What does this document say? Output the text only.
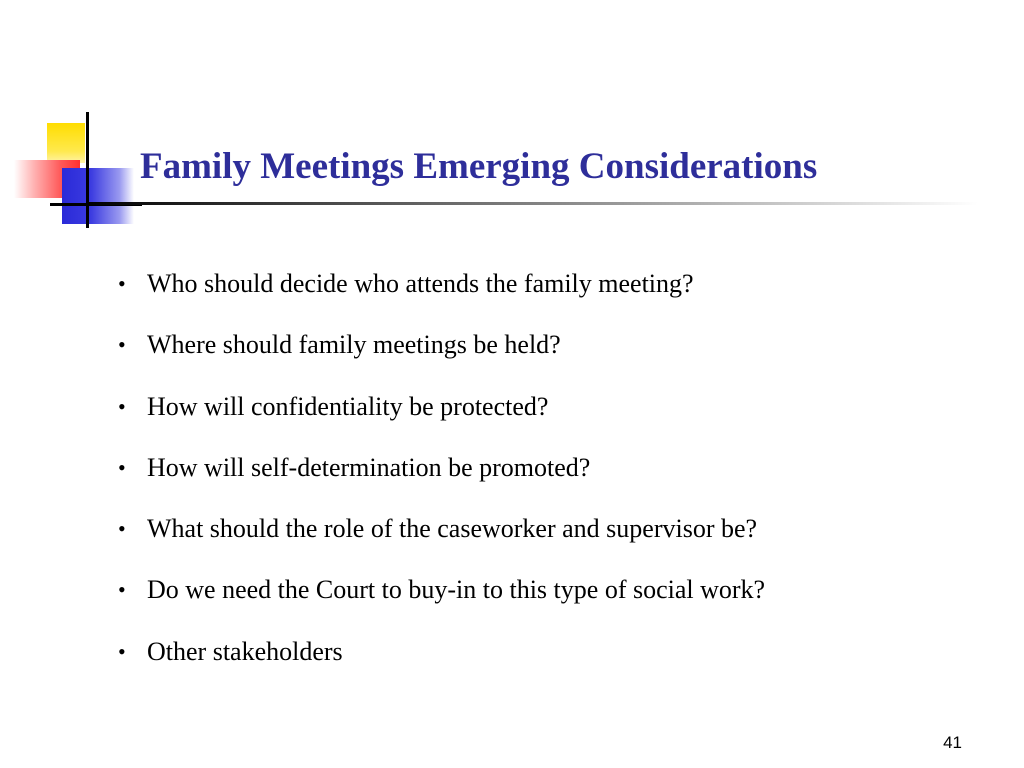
Family Meetings Emerging Considerations
• Who should decide who attends the family meeting?
• Where should family meetings be held?
• How will confidentiality be protected?
• How will self-determination be promoted?
• What should the role of the caseworker and supervisor be?
• Do we need the Court to buy-in to this type of social work?
• Other stakeholders
41
